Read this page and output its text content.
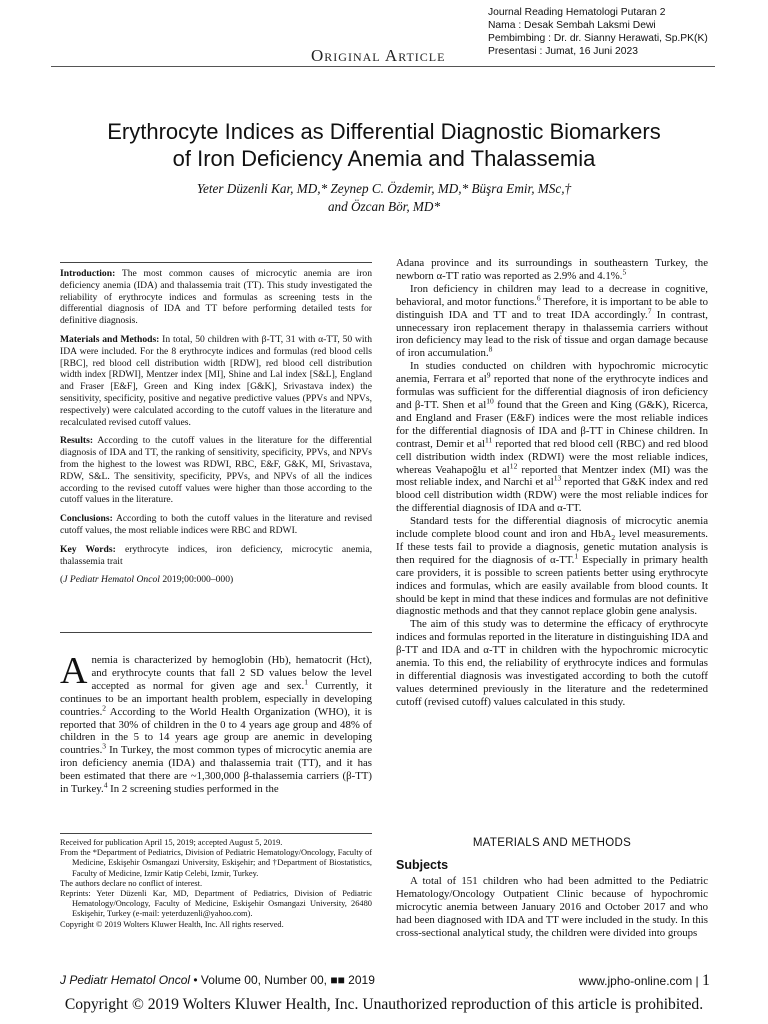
Journal Reading Hematologi Putaran 2
Nama : Desak Sembah Laksmi Dewi
Pembimbing : Dr. dr. Sianny Herawati, Sp.PK(K)
Presentasi : Jumat, 16 Juni 2023
Original Article
Erythrocyte Indices as Differential Diagnostic Biomarkers
of Iron Deficiency Anemia and Thalassemia
Yeter Düzenli Kar, MD,* Zeynep C. Özdemir, MD,* Büşra Emir, MSc,†
and Özcan Bör, MD*

Introduction: The most common causes of microcytic anemia are iron deficiency anemia (IDA) and thalassemia trait (TT). This study investigated the reliability of erythrocyte indices and formulas as screening tests in the differential diagnosis of IDA and TT before performing detailed tests for definitive diagnosis.

Materials and Methods: In total, 50 children with β-TT, 31 with α-TT, 50 with IDA were included. For the 8 erythrocyte indices and formulas (red blood cells [RBC], red blood cell distribution width [RDW], red blood cell distribution width index [RDWI], Mentzer index [MI], Shine and Lal index [S&L], England and Fraser [E&F], Green and King index [G&K], Srivastava index) the sensitivity, specificity, positive and negative predictive values (PPVs and NPVs, respectively) were calculated according to the cutoff values in the literature and recalculated revised cutoff values.

Results: According to the cutoff values in the literature for the differential diagnosis of IDA and TT, the ranking of sensitivity, specificity, PPVs, and NPVs from the highest to the lowest was RDWI, RBC, E&F, G&K, MI, Srivastava, RDW, S&L. The sensitivity, specificity, PPVs, and NPVs of all the indices according to the revised cutoff values were higher than those according to the cutoff values in the literature.

Conclusions: According to both the cutoff values in the literature and revised cutoff values, the most reliable indices were RBC and RDWI.

Key Words: erythrocyte indices, iron deficiency, microcytic anemia, thalassemia trait

(J Pediatr Hematol Oncol 2019;00:000–000)

Anemia is characterized by hemoglobin (Hb), hematocrit (Hct), and erythrocyte counts that fall 2 SD values below the level accepted as normal for given age and sex.$^1$ Currently, it continues to be an important health problem, especially in developing countries.$^2$ According to the World Health Organization (WHO), it is reported that 30% of children in the 0 to 4 years age group and 48% of children in the 5 to 14 years age group are anemic in developing countries.$^3$ In Turkey, the most common types of microcytic anemia are iron deficiency anemia (IDA) and thalassemia trait (TT), and it has been estimated that there are ~1,300,000 β-thalassemia carriers (β-TT) in Turkey.$^4$ In 2 screening studies performed in the
Received for publication April 15, 2019; accepted August 5, 2019.
From the *Department of Pediatrics, Division of Pediatric Hematology/Oncology, Faculty of Medicine, Eskişehir Osmangazi University, Eskişehir; and †Department of Biostatistics, Faculty of Medicine, Izmir Katip Celebi, Izmir, Turkey.
The authors declare no conflict of interest.
Reprints: Yeter Düzenli Kar, MD, Department of Pediatrics, Division of Pediatric Hematology/Oncology, Faculty of Medicine, Eskişehir Osmangazi University, 26480 Eskişehir, Turkey (e-mail: yeterduzenli@yahoo.com).
Copyright © 2019 Wolters Kluwer Health, Inc. All rights reserved.

Adana province and its surroundings in southeastern Turkey, the newborn α-TT ratio was reported as 2.9% and 4.1%.$^5$

Iron deficiency in children may lead to a decrease in cognitive, behavioral, and motor functions.$^6$ Therefore, it is important to be able to distinguish IDA and TT and to treat IDA accordingly.$^7$ In contrast, unnecessary iron replacement therapy in thalassemia carriers without iron deficiency may lead to the risk of tissue and organ damage because of iron accumulation.$^8$

In studies conducted on children with hypochromic microcytic anemia, Ferrara et $al^9$ reported that none of the erythrocyte indices and formulas was sufficient for the differential diagnosis of iron deficiency and β-TT. Shen et $al^{10}$ found that the Green and King (G&K), Ricerca, and England and Fraser (E&F) indices were the most reliable indices for the differential diagnosis of IDA and β-TT in Chinese children. In contrast, Demir et $al^{11}$ reported that red blood cell (RBC) and red blood cell distribution width index (RDWI) were the most reliable indices, whereas Veahapoğlu et $al^{12}$ reported that Mentzer index (MI) was the most reliable index, and Narchi et $al^{13}$ reported that G&K index and red blood cell distribution width (RDW) were the most reliable indices for the differential diagnosis of IDA and α-TT.

Standard tests for the differential diagnosis of microcytic anemia include complete blood count and iron and HbA$_2$ level measurements. If these tests fail to provide a diagnosis, genetic mutation analysis is then required for the diagnosis of α-TT.$^1$ Especially in primary health care providers, it is possible to screen patients better using erythrocyte indices and formulas, which are easily available from blood counts. It should be kept in mind that these indices and formulas are not definitive diagnostic methods and that they cannot replace globin gene analysis.

The aim of this study was to determine the efficacy of erythrocyte indices and formulas reported in the literature in distinguishing IDA and β-TT and IDA and α-TT in children with the hypochromic microcytic anemia. To this end, the reliability of erythrocyte indices and formulas in differential diagnosis was investigated according to both the cutoff values determined previously in the literature and the redetermined cutoff (revised cutoff) values calculated in this study.

MATERIALS AND METHODS
Subjects
A total of 151 children who had been admitted to the Pediatric Hematology/Oncology Outpatient Clinic because of hypochromic microcytic anemia between January 2016 and October 2017 and who had been diagnosed with IDA and TT were included in the study. In this cross-sectional analytical study, the children were divided into groups
J Pediatr Hematol Oncol • Volume 00, Number 00, ■■ 2019	www.jpho-online.com | 1
Copyright © 2019 Wolters Kluwer Health, Inc. Unauthorized reproduction of this article is prohibited.
